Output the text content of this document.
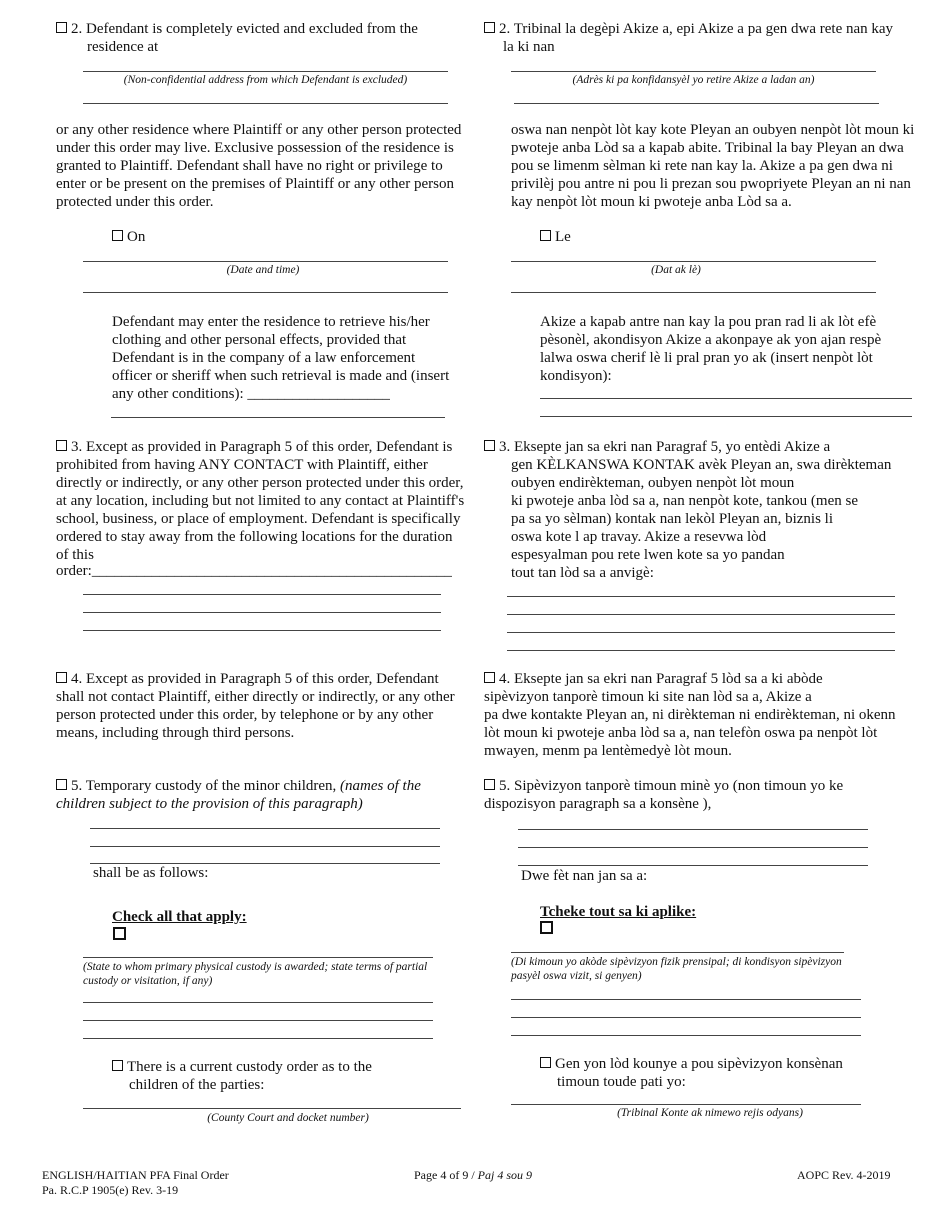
2. Defendant is completely evicted and excluded from the
residence at
(Non-confidential address from which Defendant is excluded)
or any other residence where Plaintiff or any other person protected under this order may live. Exclusive possession of the residence is granted to Plaintiff. Defendant shall have no right or privilege to enter or be present on the premises of Plaintiff or any other person protected under this order.
On
(Date and time)
Defendant may enter the residence to retrieve his/her clothing and other personal effects, provided that Defendant is in the company of a law enforcement officer or sheriff when such retrieval is made and (insert any other conditions): ___________________
3. Except as provided in Paragraph 5 of this order, Defendant is prohibited from having ANY CONTACT with Plaintiff, either directly or indirectly, or any other person protected under this order, at any location, including but not limited to any contact at Plaintiff's school, business, or place of employment. Defendant is specifically ordered to stay away from the following locations for the duration of this
order:________________________________________________
4. Except as provided in Paragraph 5 of this order, Defendant shall not contact Plaintiff, either directly or indirectly, or any other person protected under this order, by telephone or by any other means, including through third persons.
5. Temporary custody of the minor children, (names of the children subject to the provision of this paragraph)
shall be as follows:
Check all that apply:
(State to whom primary physical custody is awarded; state terms of partial custody or visitation, if any)
There is a current custody order as to the
children of the parties:
(County Court and docket number)
2. Tribinal la degèpi Akize a, epi Akize a pa gen dwa rete nan kay
la ki nan
(Adrès ki pa konfidansyèl yo retire Akize a ladan an)
oswa nan nenpòt lòt kay kote Pleyan an oubyen nenpòt lòt moun ki pwoteje anba Lòd sa a kapab abite. Tribinal la bay Pleyan an dwa pou se limenm sèlman ki rete nan kay la. Akize a pa gen dwa ni privilèj pou antre ni pou li prezan sou pwopriyete Pleyan an ni nan kay nenpòt lòt moun ki pwoteje anba Lòd sa a.
Le
(Dat ak lè)
Akize a kapab antre nan kay la pou pran rad li ak lòt efè pèsonèl, akondisyon Akize a akonpaye ak yon ajan respè lalwa oswa cherif lè li pral pran yo ak (insert nenpòt lòt kondisyon):
3. Eksepte jan sa ekri nan Paragraf 5, yo entèdi Akize a
gen KÈLKANSWA KONTAK avèk Pleyan an, swa dirèkteman
oubyen endirèkteman, oubyen nenpòt lòt moun
ki pwoteje anba lòd sa a, nan nenpòt kote, tankou (men se
pa sa yo sèlman) kontak nan lekòl Pleyan an, biznis li
oswa kote l ap travay. Akize a resevwa lòd
espesyalman pou rete lwen kote sa yo pandan
tout tan lòd sa a anvigè:
4. Eksepte jan sa ekri nan Paragraf 5 lòd sa a ki abòde
sipèvizyon tanporè timoun ki site nan lòd sa a, Akize a
pa dwe kontakte Pleyan an, ni dirèkteman ni endirèkteman, ni okenn
lòt moun ki pwoteje anba lòd sa a, nan telefòn oswa pa nenpòt lòt
mwayen, menm pa lentèmedyè lòt moun.
5. Sipèvizyon tanporè timoun minè yo (non timoun yo ke
dispozisyon paragraph sa a konsène ),
Dwe fèt nan jan sa a:
Tcheke tout sa ki aplike:
(Di kimoun yo akòde sipèvizyon fizik prensipal; di kondisyon sipèvizyon pasyèl oswa vizit, si genyen)
Gen yon lòd kounye a pou sipèvizyon konsènan
timoun toude pati yo:
(Tribinal Konte ak nimewo rejis odyans)
ENGLISH/HAITIAN PFA Final Order
Pa. R.C.P 1905(e) Rev. 3-19
Page 4 of 9 / Paj 4 sou 9	AOPC Rev. 4-2019
